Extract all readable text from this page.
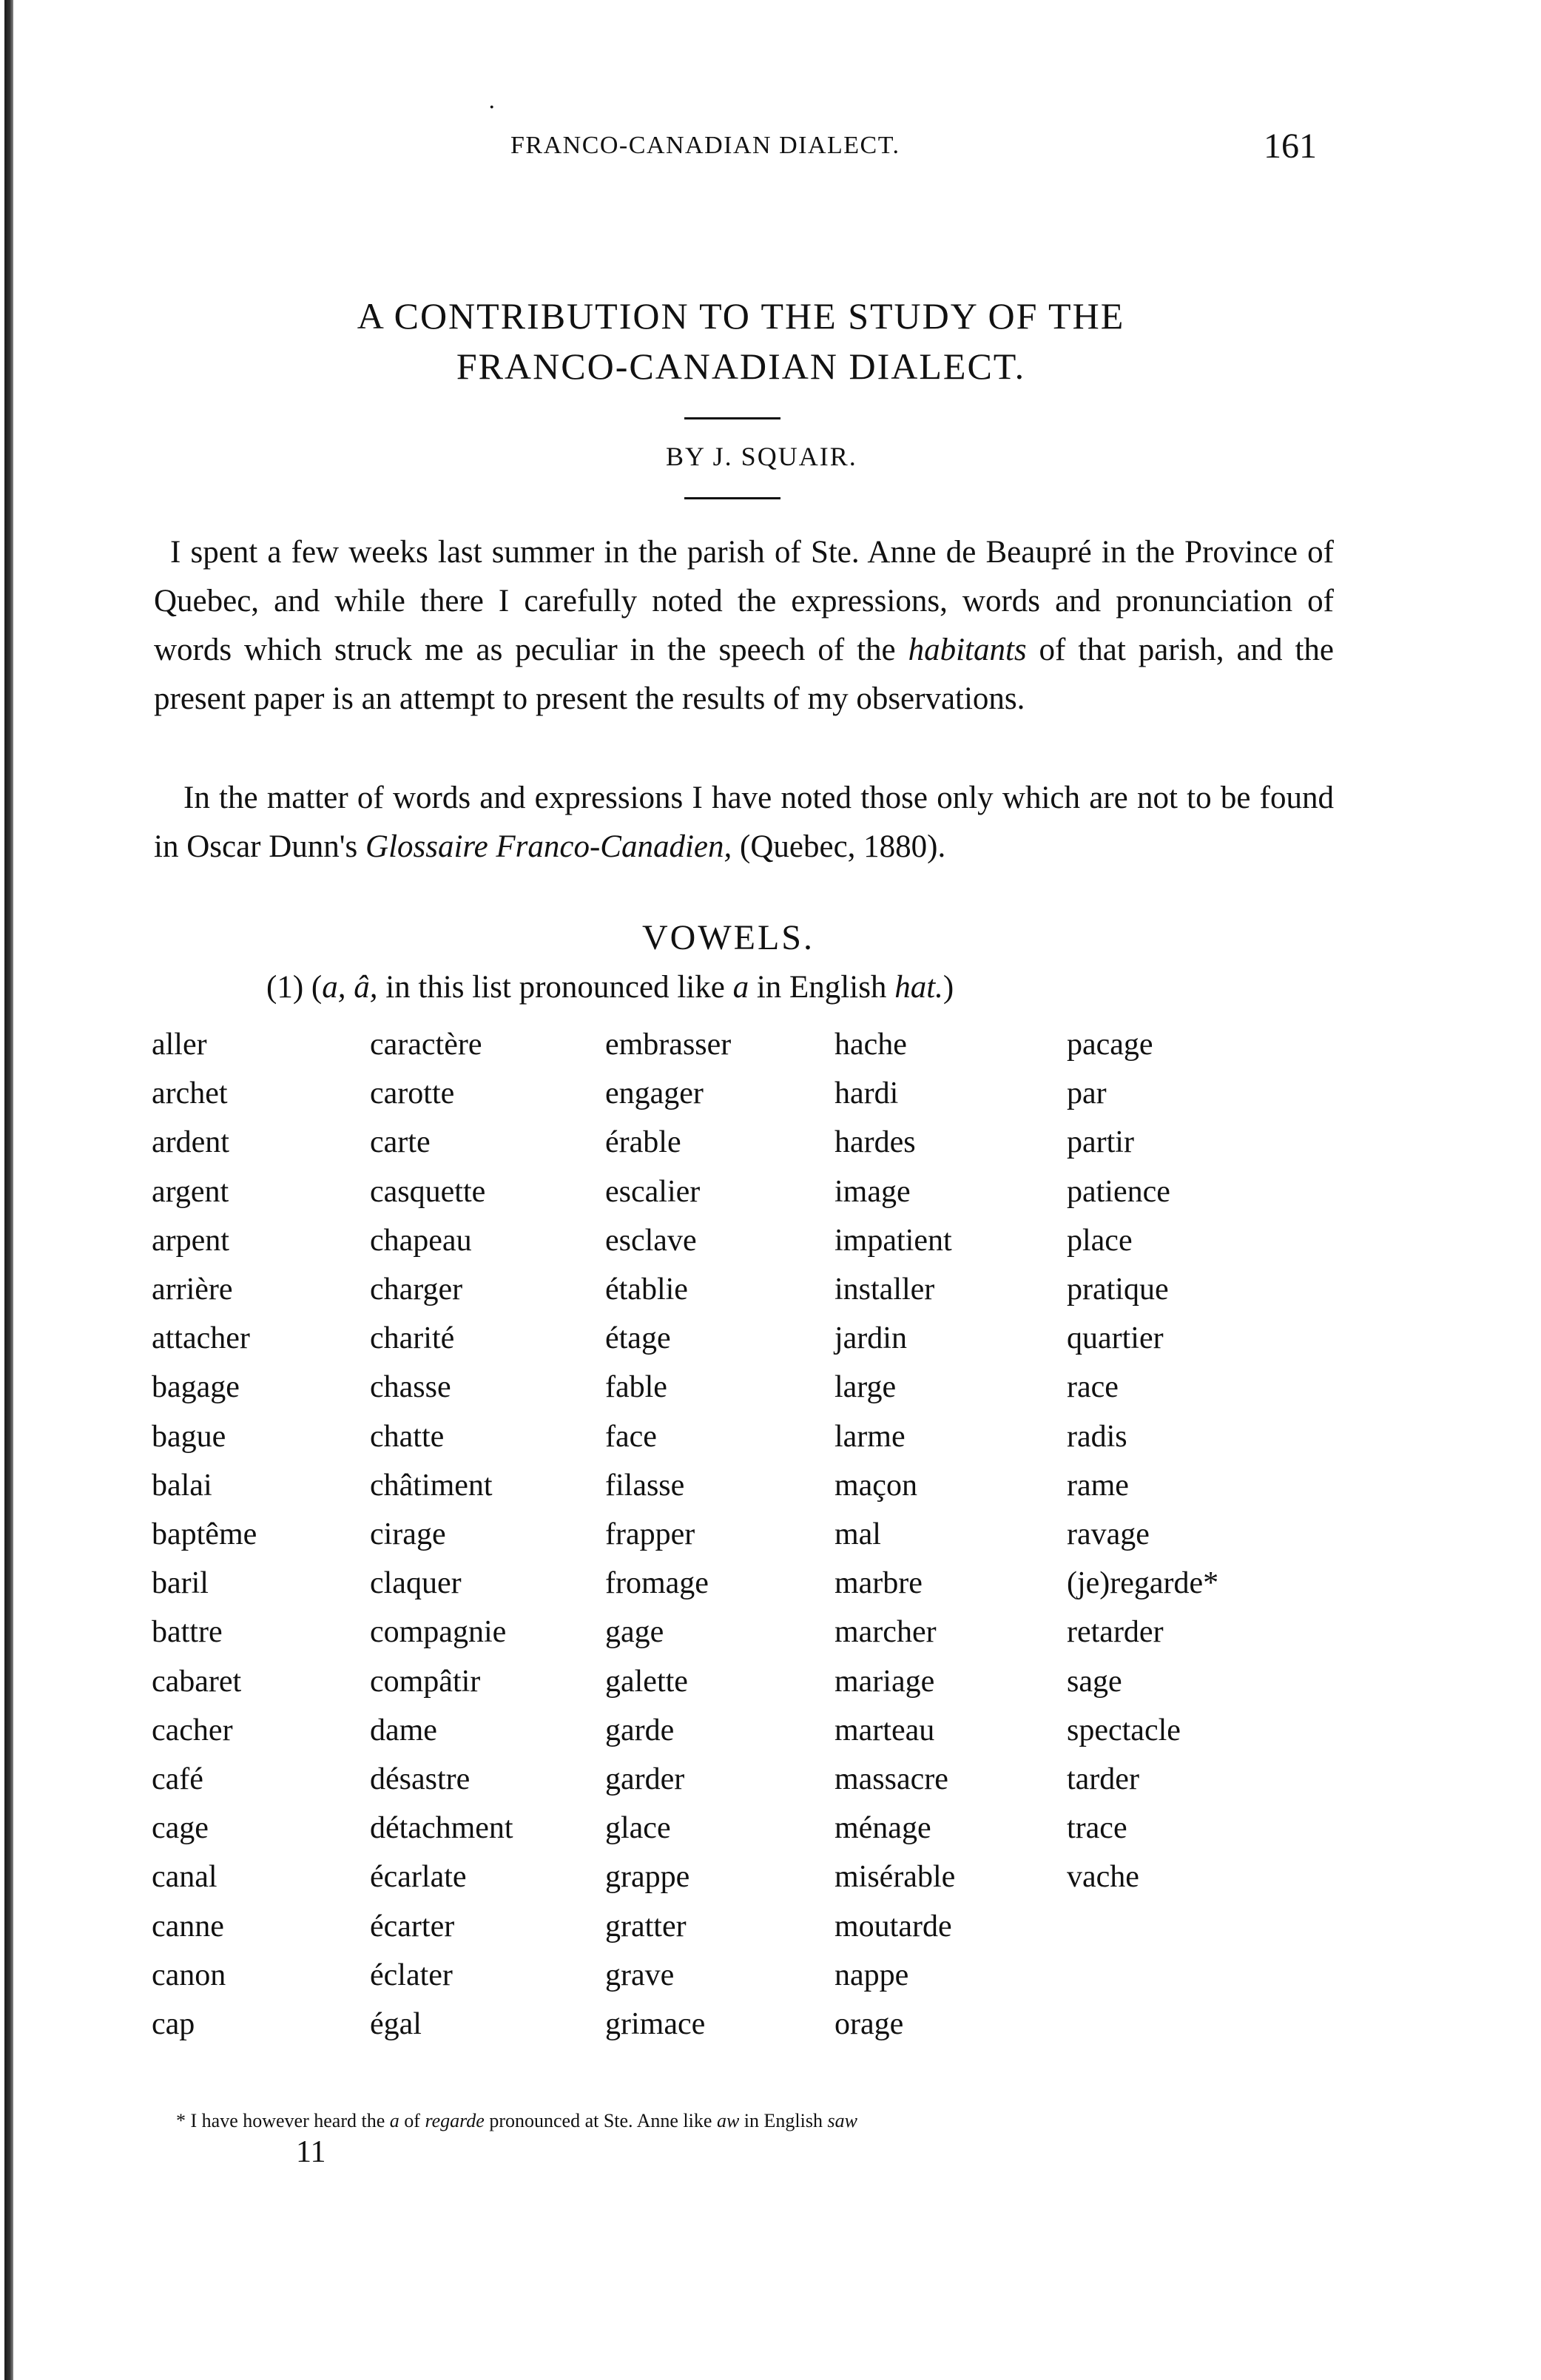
·
FRANCO-CANADIAN DIALECT.	161
A CONTRIBUTION TO THE STUDY OF THE
FRANCO-CANADIAN DIALECT.
BY J. SQUAIR.
I spent a few weeks last summer in the parish of Ste. Anne de Beaupré in the Province of Quebec, and while there I carefully noted the expressions, words and pronunciation of words which struck me as peculiar in the speech of the habitants of that parish, and the present paper is an attempt to present the results of my observations.
In the matter of words and expressions I have noted those only which are not to be found in Oscar Dunn's Glossaire Franco-Canadien, (Quebec, 1880).
VOWELS.
(1) (a, â, in this list pronounced like a in English hat.)
aller
archet
ardent
argent
arpent
arrière
attacher
bagage
bague
balai
baptême
baril
battre
cabaret
cacher
café
cage
canal
canne
canon
cap
caractère
carotte
carte
casquette
chapeau
charger
charité
chasse
chatte
châtiment
cirage
claquer
compagnie
compâtir
dame
désastre
détachment
écarlate
écarter
éclater
égal
embrasser
engager
érable
escalier
esclave
établie
étage
fable
face
filasse
frapper
fromage
gage
galette
garde
garder
glace
grappe
gratter
grave
grimace
hache
hardi
hardes
image
impatient
installer
jardin
large
larme
maçon
mal
marbre
marcher
mariage
marteau
massacre
ménage
misérable
moutarde
nappe
orage
pacage
par
partir
patience
place
pratique
quartier
race
radis
rame
ravage
(je)regarde*
retarder
sage
spectacle
tarder
trace
vache
* I have however heard the a of regarde pronounced at Ste. Anne like aw in English saw
11
